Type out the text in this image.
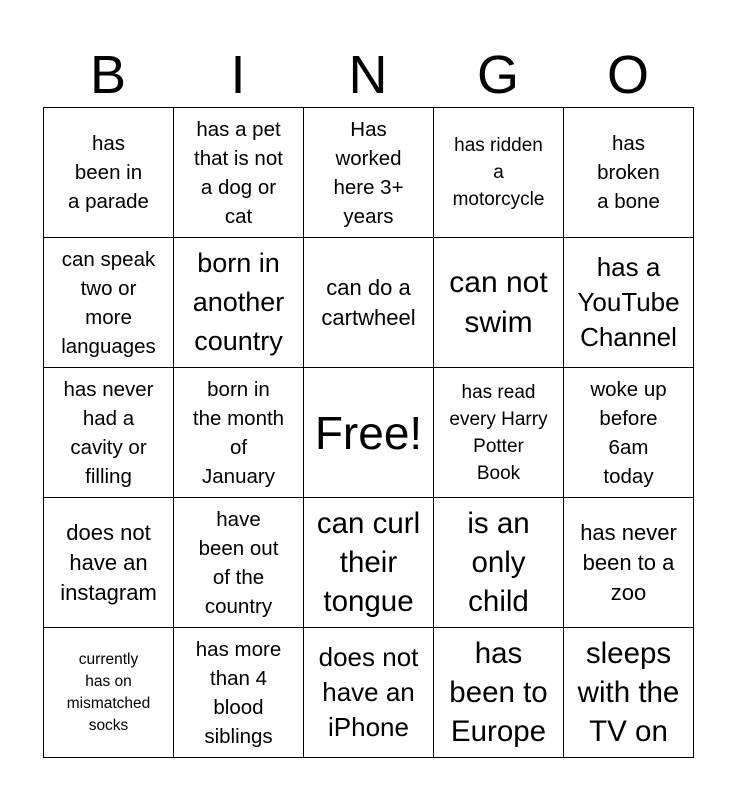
B	I	N	G	O
has
been in
a parade	has a pet
that is not
a dog or
cat	Has
worked
here 3+
years	has ridden
a
motorcycle	has
broken
a bone

can speak
two or
more
languages	born in
another
country	can do a
cartwheel	can not
swim	has a
YouTube
Channel

has never
had a
cavity or
filling	born in
the month
of
January	Free!	has read
every Harry
Potter
Book	woke up
before
6am
today

does not
have an
instagram	have
been out
of the
country	can curl
their
tongue	is an
only
child	has never
been to a
zoo

currently
has on
mismatched
socks	has more
than 4
blood
siblings	does not
have an
iPhone	has
been to
Europe	sleeps
with the
TV on
